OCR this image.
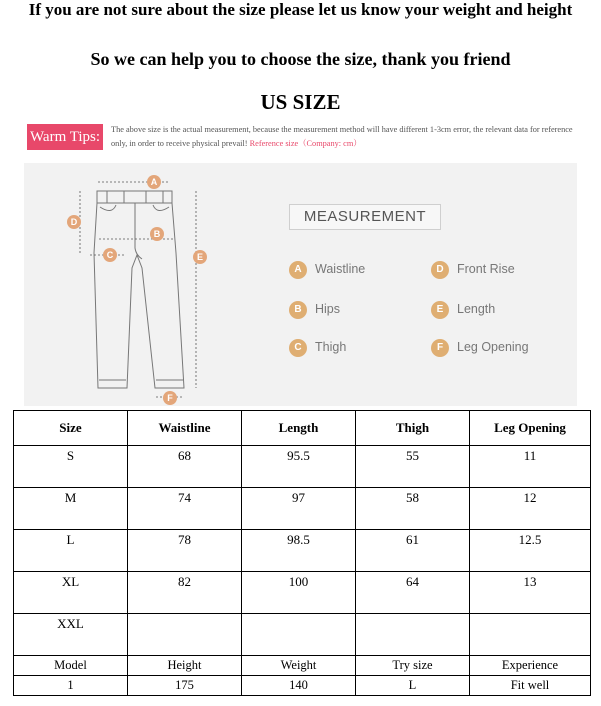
If you are not sure about the size please let us know your weight and height
So we can help you to choose the size, thank you friend
US SIZE
Warm Tips:	The above size is the actual measurement, because the measurement method will have different 1-3cm error, the relevant data for reference only, in order to receive physical prevail! Reference size（Company: cm）
A
B
C
D
E
F
MEASUREMENT
A Waistline
B Hips
C Thigh
D Front Rise
E Length
F Leg Opening
Size	Waistline	Length	Thigh	Leg Opening
S	68	95.5	55	11
M	74	97	58	12
L	78	98.5	61	12.5
XL	82	100	64	13
XXL				
Model	Height	Weight	Try size	Experience
1	175	140	L	Fit well
